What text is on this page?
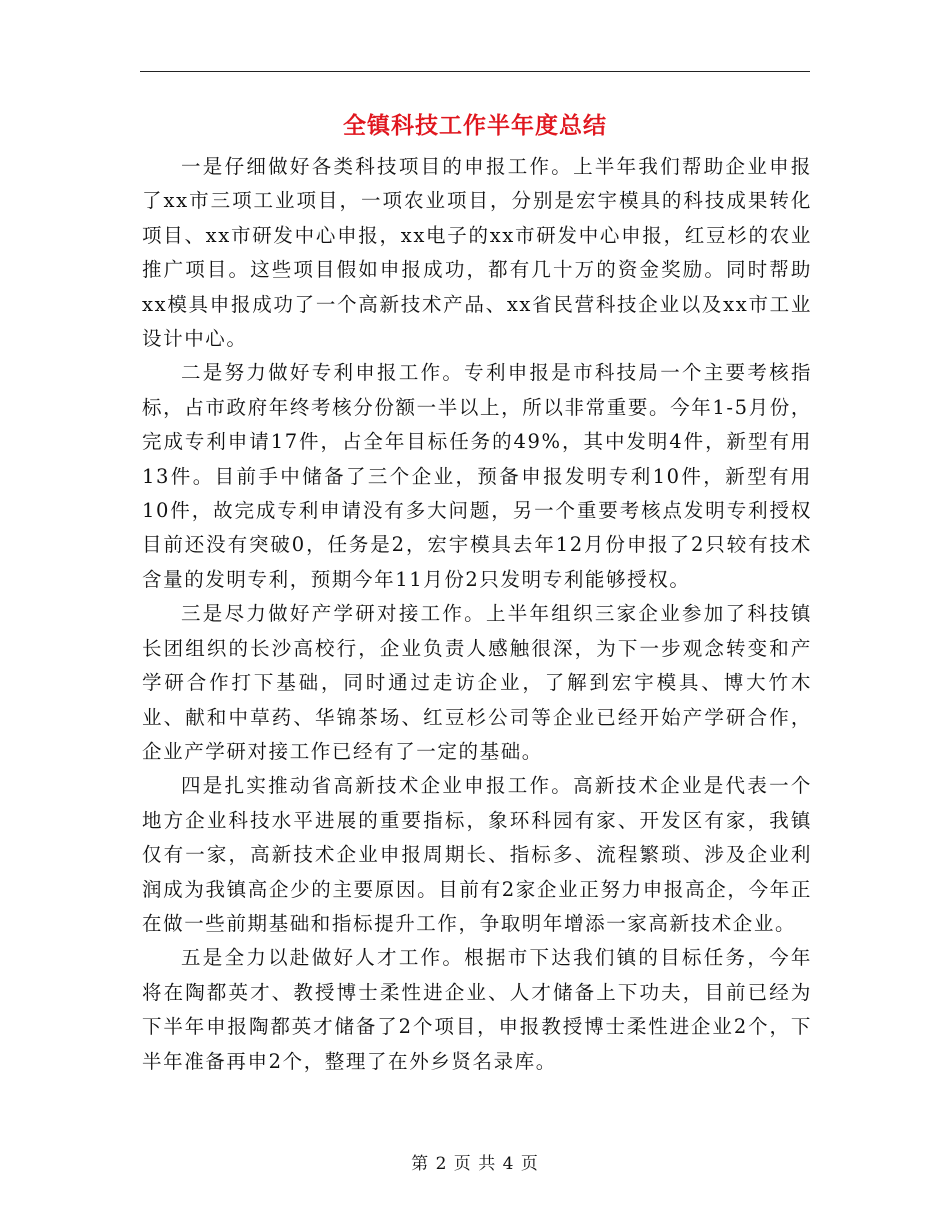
全镇科技工作半年度总结

一是仔细做好各类科技项目的申报工作。上半年我们帮助企业申报了xx市三项工业项目，一项农业项目，分别是宏宇模具的科技成果转化项目、xx市研发中心申报，xx电子的xx市研发中心申报，红豆杉的农业推广项目。这些项目假如申报成功，都有几十万的资金奖励。同时帮助xx模具申报成功了一个高新技术产品、xx省民营科技企业以及xx市工业设计中心。

二是努力做好专利申报工作。专利申报是市科技局一个主要考核指标，占市政府年终考核分份额一半以上，所以非常重要。今年1-5月份，完成专利申请17件，占全年目标任务的49%，其中发明4件，新型有用13件。目前手中储备了三个企业，预备申报发明专利10件，新型有用10件，故完成专利申请没有多大问题，另一个重要考核点发明专利授权目前还没有突破0，任务是2，宏宇模具去年12月份申报了2只较有技术含量的发明专利，预期今年11月份2只发明专利能够授权。

三是尽力做好产学研对接工作。上半年组织三家企业参加了科技镇长团组织的长沙高校行，企业负责人感触很深，为下一步观念转变和产学研合作打下基础，同时通过走访企业，了解到宏宇模具、博大竹木业、献和中草药、华锦茶场、红豆杉公司等企业已经开始产学研合作，企业产学研对接工作已经有了一定的基础。

四是扎实推动省高新技术企业申报工作。高新技术企业是代表一个地方企业科技水平进展的重要指标，象环科园有家、开发区有家，我镇仅有一家，高新技术企业申报周期长、指标多、流程繁琐、涉及企业利润成为我镇高企少的主要原因。目前有2家企业正努力申报高企，今年正在做一些前期基础和指标提升工作，争取明年增添一家高新技术企业。

五是全力以赴做好人才工作。根据市下达我们镇的目标任务，今年将在陶都英才、教授博士柔性进企业、人才储备上下功夫，目前已经为下半年申报陶都英才储备了2个项目，申报教授博士柔性进企业2个，下半年准备再申2个，整理了在外乡贤名录库。

第 2 页 共 4 页
